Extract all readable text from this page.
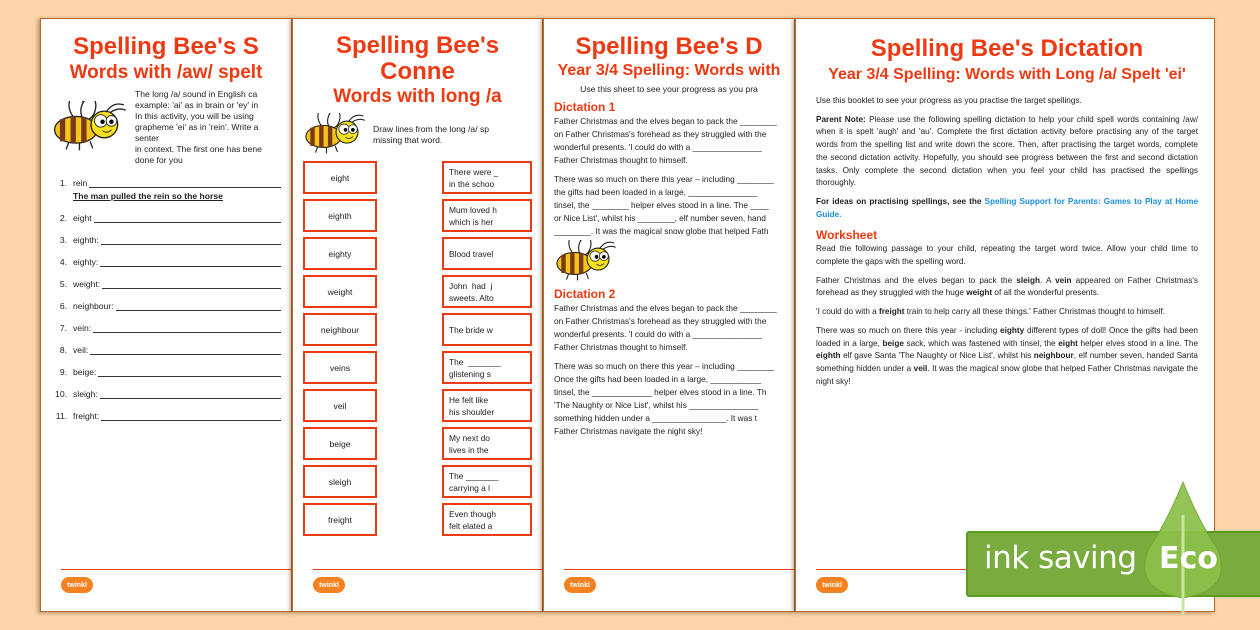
Spelling Bee's S
Words with /aw/ spelt
The long /a/ sound in English ca
example: 'ai' as in brain or 'ey' in
In this activity, you will be using
grapheme 'ei' as in 'rein'. Write a senter
in context. The first one has bene done for you
1. rein
The man pulled the rein so the horse
2. eight
3. eighth:
4. eighty:
5. weight:
6. neighbour:
7. vein:
8. veil:
9. beige:
10. sleigh:
11. freight:
twinkl
Spelling Bee's Conne
Words with long /a
Draw lines from the long /a/ sp
missing that word.
eight
There were _
in the schoo
eighth
Mum loved h
which is her
eighty	Blood travel
weight
John  had  j
sweets. Alto
neighbour	The bride w
veins
The  _______
glistening s
veil
He felt like
his shoulder
beige
My next do
lives in the
sleigh
The _______
carrying a l
freight
Even though
felt elated a
twinkl
Spelling Bee's D
Year 3/4 Spelling: Words with
Use this sheet to see your progress as you pra
Dictation 1
Father Christmas and the elves began to pack the ________
on Father Christmas's forehead as they struggled with the
wonderful presents. 'I could do with a _______________
Father Christmas thought to himself.
There was so much on there this year – including ________
the gifts had been loaded in a large, _______________
tinsel, the ________ helper elves stood in a line. The ____
or Nice List', whilst his ________, elf number seven, hand
________. It was the magical snow globe that helped Fath
Dictation 2
Father Christmas and the elves began to pack the ________
on Father Christmas's forehead as they struggled with the
wonderful presents. 'I could do with a _______________
Father Christmas thought to himself.
There was so much on there this year – including ________
Once the gifts had been loaded in a large, ___________
tinsel, the _____________ helper elves stood in a line. Th
'The Naughty or Nice List', whilst his _______________
something hidden under a ________________. It was t
Father Christmas navigate the night sky!
twinkl
Spelling Bee's Dictation
Year 3/4 Spelling: Words with Long /a/ Spelt 'ei'
Use this booklet to see your progress as you practise the target spellings.
Parent Note: Please use the following spelling dictation to help your child spell words containing /aw/ when it is spelt 'augh' and 'au'. Complete the first dictation activity before practising any of the target words from the spelling list and write down the score. Then, after practising the target words, complete the second dictation activity. Hopefully, you should see progress between the first and second dictation tasks. Only complete the second dictation when you feel your child has practised the spellings thoroughly.
For ideas on practising spellings, see the Spelling Support for Parents: Games to Play at Home Guide.
Worksheet
Read the following passage to your child, repeating the target word twice. Allow your child time to complete the gaps with the spelling word.
Father Christmas and the elves began to pack the sleigh. A vein appeared on Father Christmas's forehead as they struggled with the huge weight of all the wonderful presents.
'I could do with a freight train to help carry all these things.' Father Christmas thought to himself.
There was so much on there this year - including eighty different types of doll! Once the gifts had been loaded in a large, beige sack, which was fastened with tinsel, the eight helper elves stood in a line. The eighth elf gave Santa 'The Naughty or Nice List', whilst his neighbour, elf number seven, handed Santa something hidden under a veil. It was the magical snow globe that helped Father Christmas navigate the night sky!
twinkl
ink saving Eco
